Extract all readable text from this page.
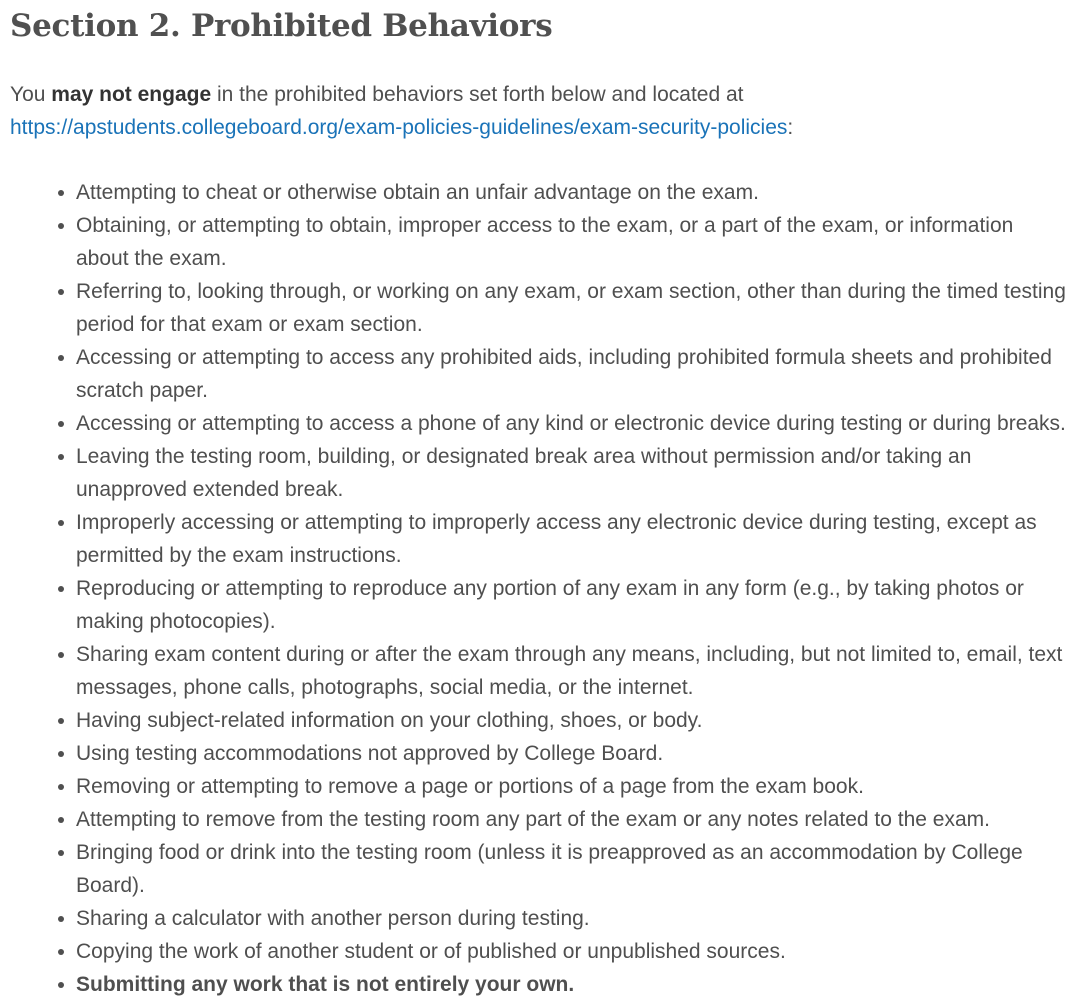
Section 2. Prohibited Behaviors

You may not engage in the prohibited behaviors set forth below and located at https://apstudents.collegeboard.org/exam-policies-guidelines/exam-security-policies:

Attempting to cheat or otherwise obtain an unfair advantage on the exam.
Obtaining, or attempting to obtain, improper access to the exam, or a part of the exam, or information about the exam.
Referring to, looking through, or working on any exam, or exam section, other than during the timed testing period for that exam or exam section.
Accessing or attempting to access any prohibited aids, including prohibited formula sheets and prohibited scratch paper.
Accessing or attempting to access a phone of any kind or electronic device during testing or during breaks.
Leaving the testing room, building, or designated break area without permission and/or taking an unapproved extended break.
Improperly accessing or attempting to improperly access any electronic device during testing, except as permitted by the exam instructions.
Reproducing or attempting to reproduce any portion of any exam in any form (e.g., by taking photos or making photocopies).
Sharing exam content during or after the exam through any means, including, but not limited to, email, text messages, phone calls, photographs, social media, or the internet.
Having subject-related information on your clothing, shoes, or body.
Using testing accommodations not approved by College Board.
Removing or attempting to remove a page or portions of a page from the exam book.
Attempting to remove from the testing room any part of the exam or any notes related to the exam.
Bringing food or drink into the testing room (unless it is preapproved as an accommodation by College Board).
Sharing a calculator with another person during testing.
Copying the work of another student or of published or unpublished sources.
Submitting any work that is not entirely your own.
